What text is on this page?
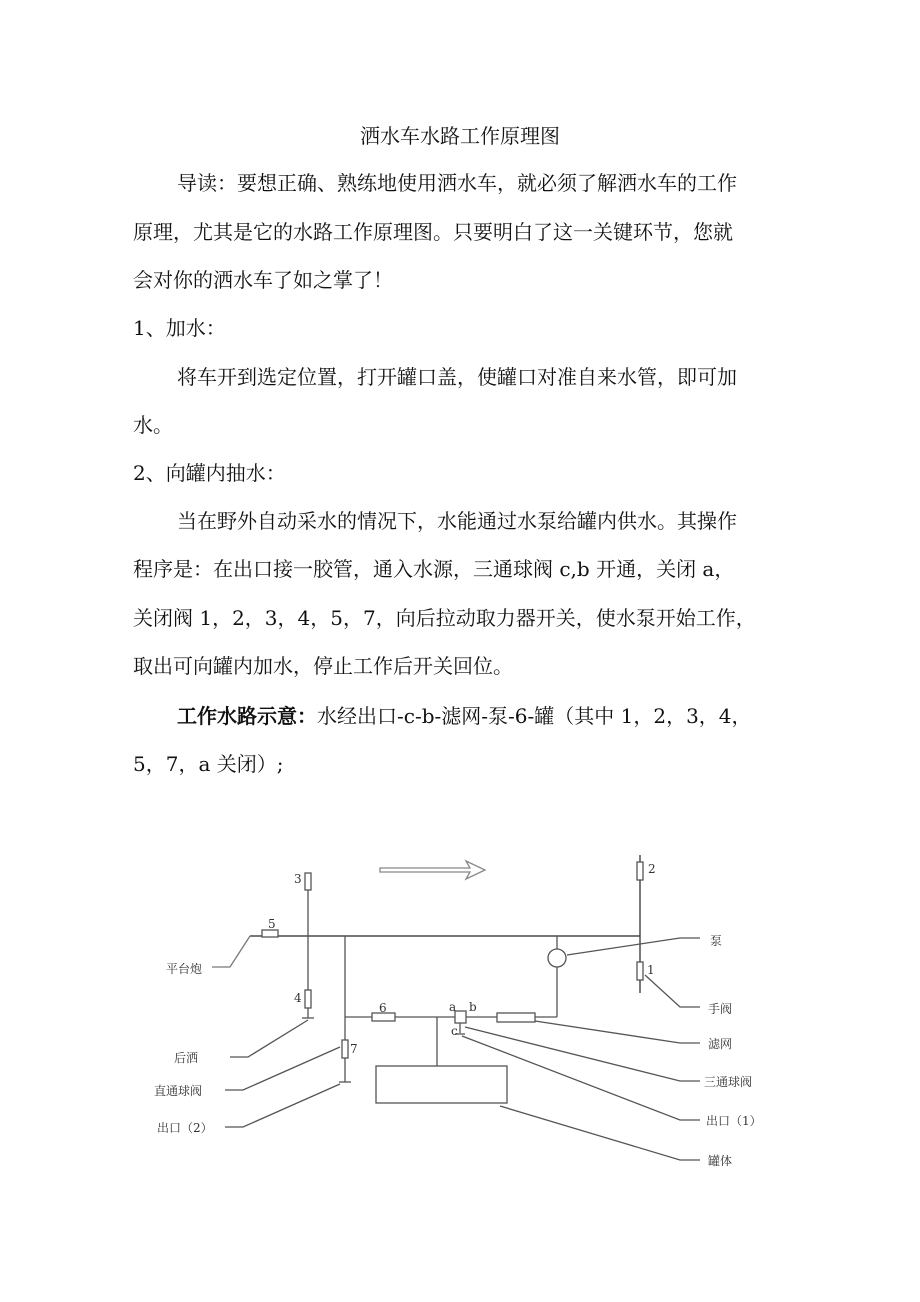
洒水车水路工作原理图
导读：要想正确、熟练地使用洒水车，就必须了解洒水车的工作
原理，尤其是它的水路工作原理图。只要明白了这一关键环节，您就
会对你的洒水车了如之掌了！
1、加水：
将车开到选定位置，打开罐口盖，使罐口对准自来水管，即可加
水。
2、向罐内抽水：
当在野外自动采水的情况下，水能通过水泵给罐内供水。其操作
程序是：在出口接一胶管，通入水源，三通球阀 c,b 开通，关闭 a，
关闭阀 1，2，3，4，5，7，向后拉动取力器开关，使水泵开始工作，
取出可向罐内加水，停止工作后开关回位。
工作水路示意：水经出口-c-b-滤网-泵-6-罐（其中 1，2，3，4，
5，7，a 关闭）;
3
4
5
6
7
2
1
a b
c
平台炮
后洒
直通球阀
出口（2）
泵
手阀
滤网
三通球阀
出口（1）
罐体
